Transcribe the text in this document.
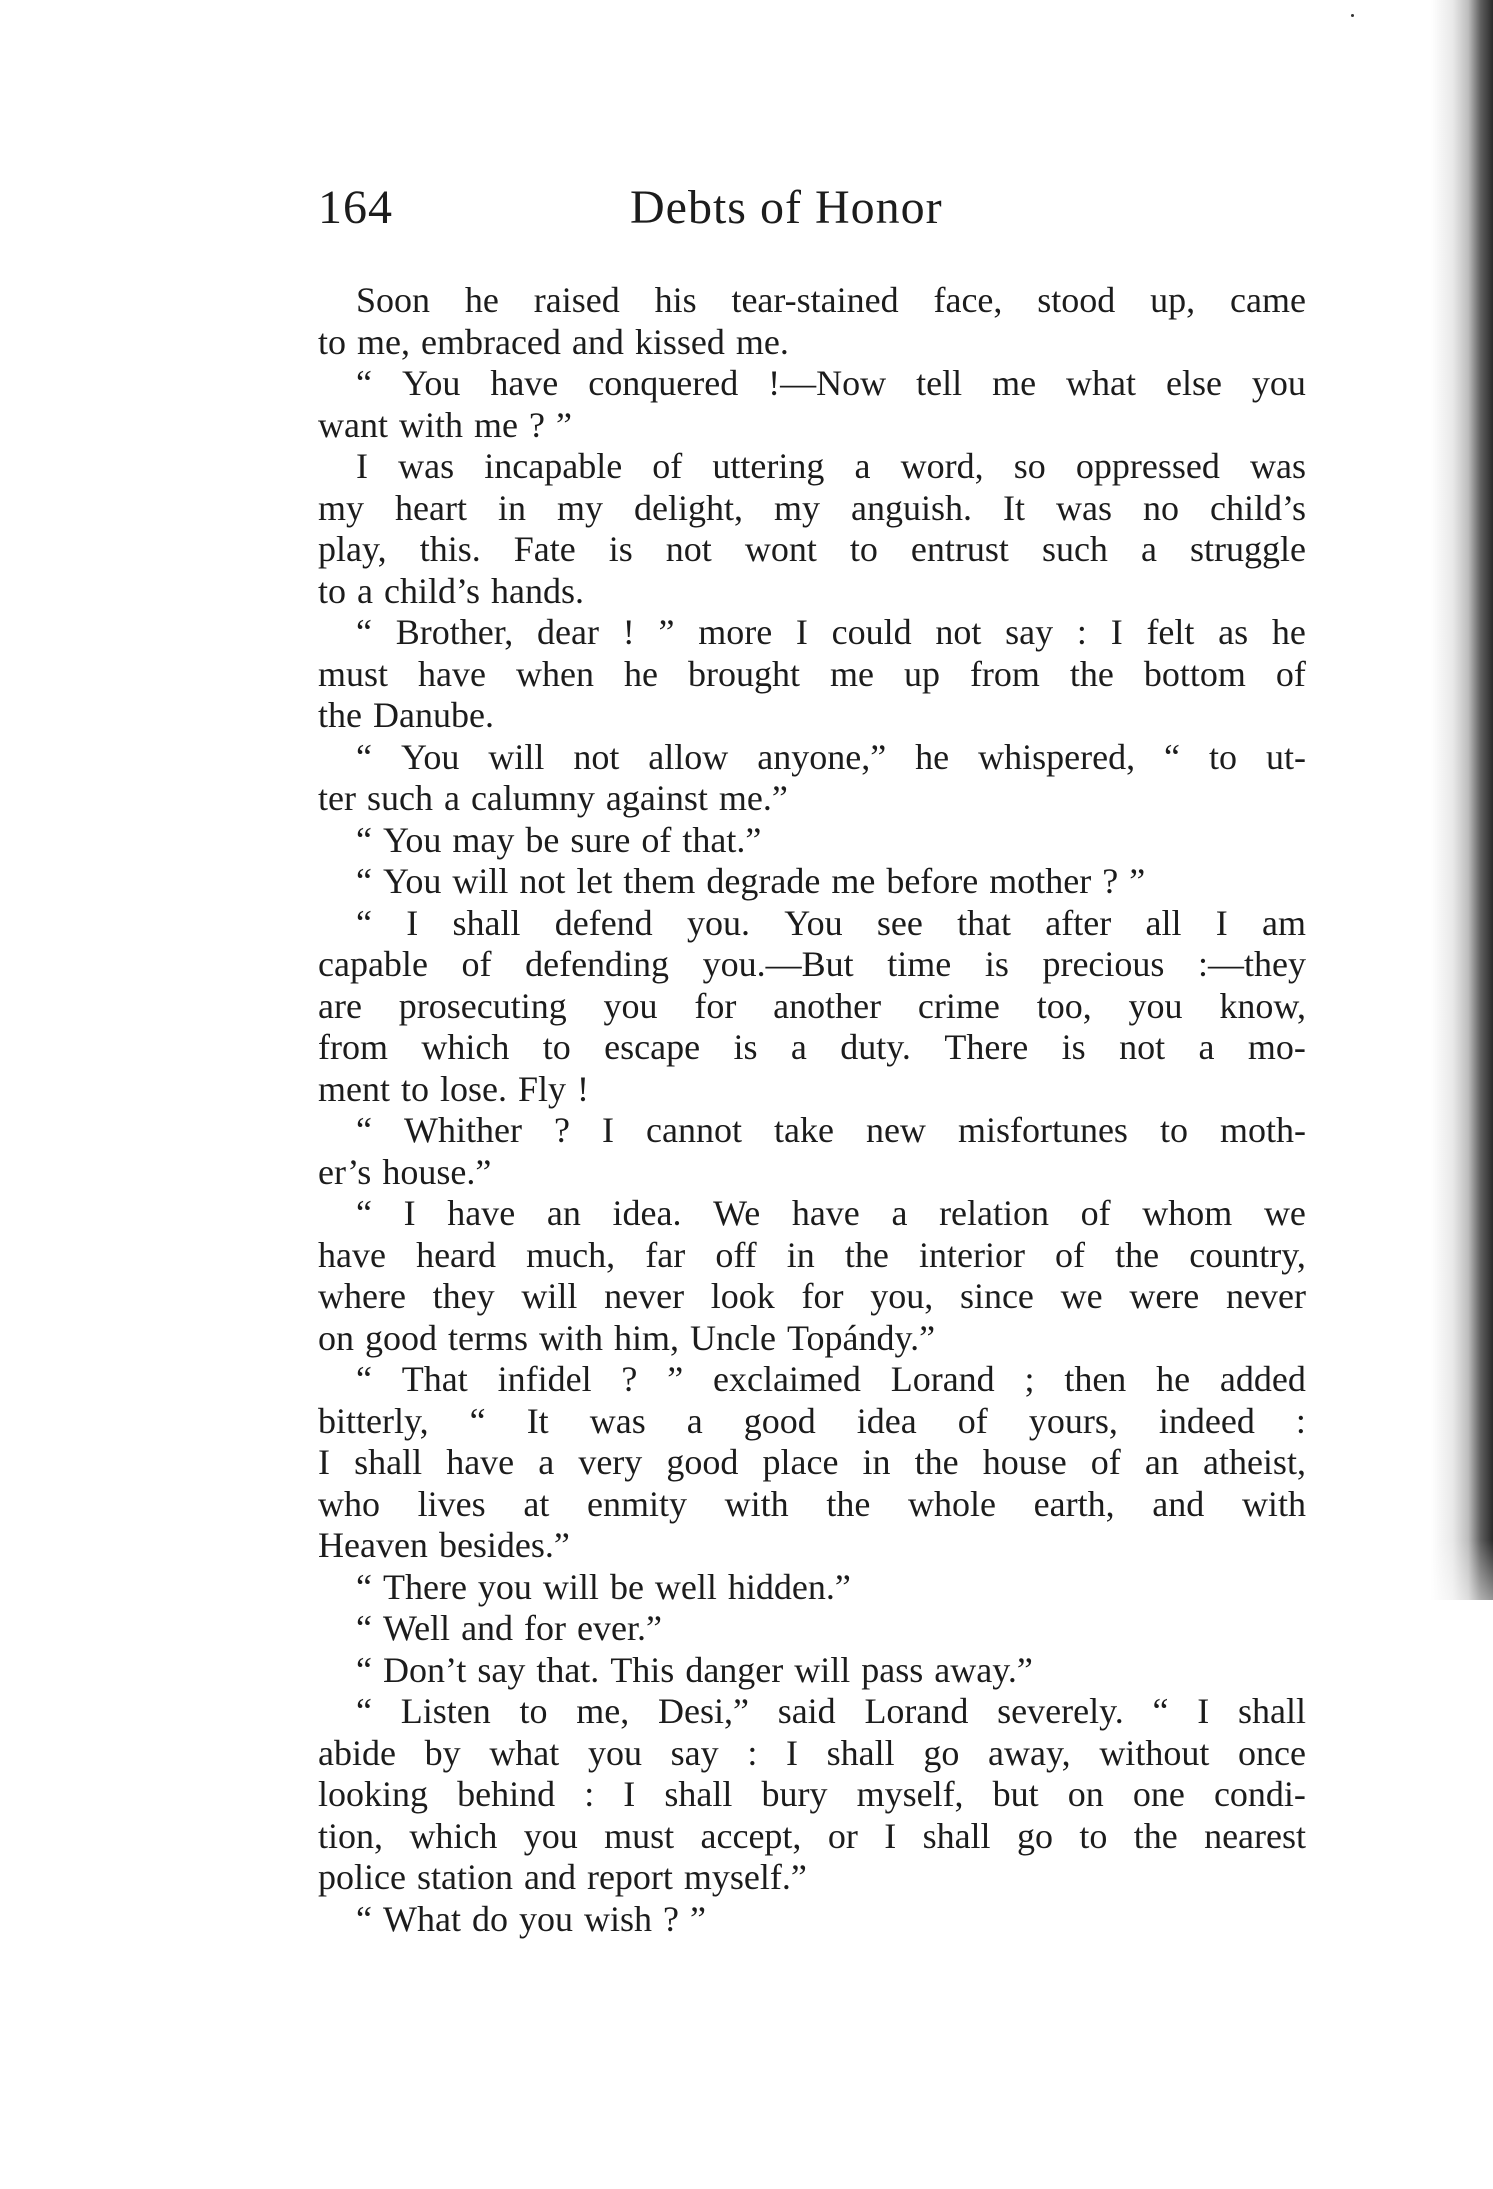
164	Debts of Honor
Soon he raised his tear-stained face, stood up, came
to me, embraced and kissed me.
“ You have conquered !—Now tell me what else you
want with me ? ”
I was incapable of uttering a word, so oppressed was
my heart in my delight, my anguish. It was no child’s
play, this. Fate is not wont to entrust such a struggle
to a child’s hands.
“ Brother, dear ! ” more I could not say : I felt as he
must have when he brought me up from the bottom of
the Danube.
“ You will not allow anyone,” he whispered, “ to ut-
ter such a calumny against me.”
“ You may be sure of that.”
“ You will not let them degrade me before mother ? ”
“ I shall defend you. You see that after all I am
capable of defending you.—But time is precious :—they
are prosecuting you for another crime too, you know,
from which to escape is a duty. There is not a mo-
ment to lose. Fly !
“ Whither ? I cannot take new misfortunes to moth-
er’s house.”
“ I have an idea. We have a relation of whom we
have heard much, far off in the interior of the country,
where they will never look for you, since we were never
on good terms with him, Uncle Topándy.”
“ That infidel ? ” exclaimed Lorand ; then he added
bitterly, “ It was a good idea of yours, indeed :
I shall have a very good place in the house of an atheist,
who lives at enmity with the whole earth, and with
Heaven besides.”
“ There you will be well hidden.”
“ Well and for ever.”
“ Don’t say that. This danger will pass away.”
“ Listen to me, Desi,” said Lorand severely. “ I shall
abide by what you say : I shall go away, without once
looking behind : I shall bury myself, but on one condi-
tion, which you must accept, or I shall go to the nearest
police station and report myself.”
“ What do you wish ? ”
